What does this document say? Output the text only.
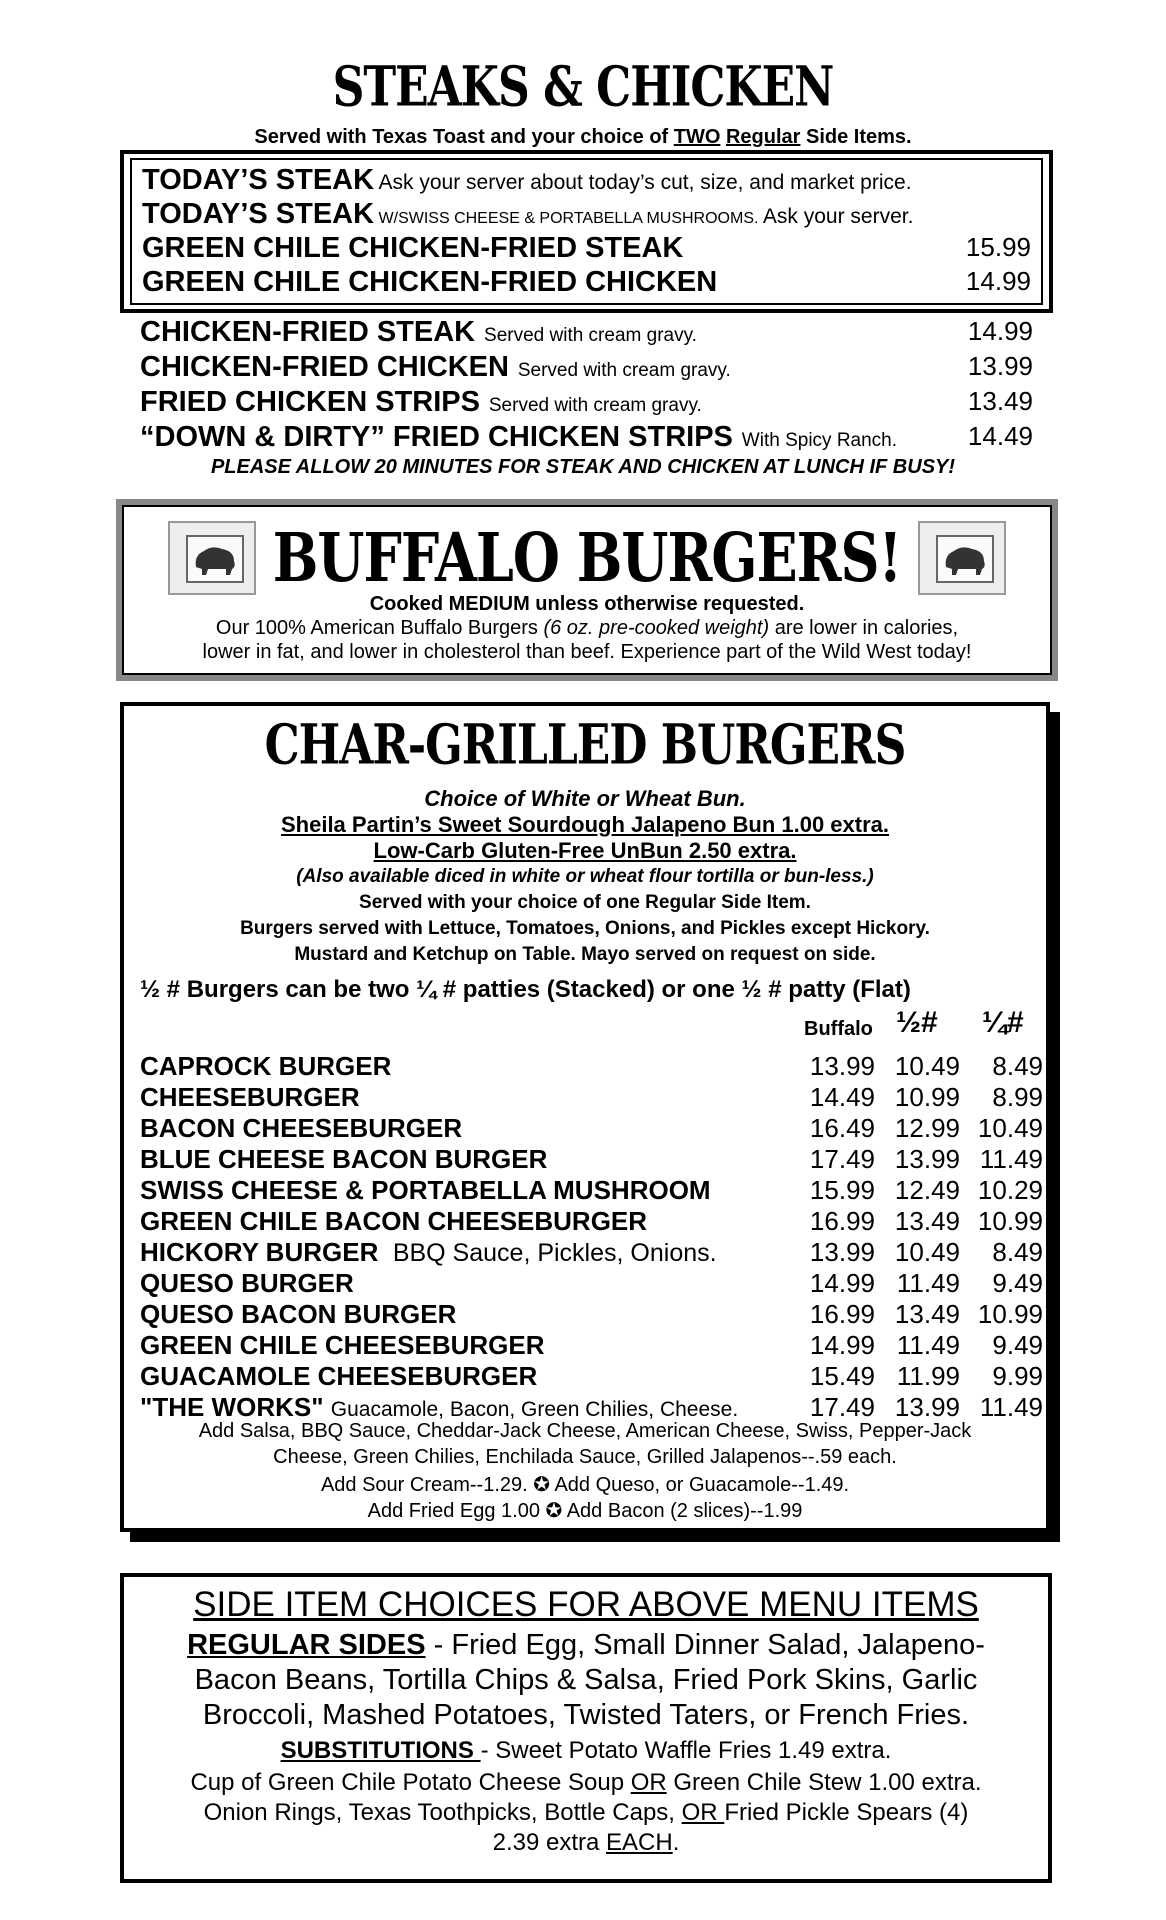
STEAKS & CHICKEN
Served with Texas Toast and your choice of TWO Regular Side Items.
TODAY’S STEAK Ask your server about today’s cut, size, and market price.
TODAY’S STEAK W/SWISS CHEESE & PORTABELLA MUSHROOMS. Ask your server.
GREEN CHILE CHICKEN-FRIED STEAK	15.99
GREEN CHILE CHICKEN-FRIED CHICKEN	14.99
CHICKEN-FRIED STEAK Served with cream gravy.	14.99
CHICKEN-FRIED CHICKEN Served with cream gravy.	13.99
FRIED CHICKEN STRIPS Served with cream gravy.	13.49
“DOWN & DIRTY” FRIED CHICKEN STRIPS With Spicy Ranch.	14.49
PLEASE ALLOW 20 MINUTES FOR STEAK AND CHICKEN AT LUNCH IF BUSY!
BUFFALO BURGERS!
Cooked MEDIUM unless otherwise requested.
Our 100% American Buffalo Burgers (6 oz. pre-cooked weight) are lower in calories,
lower in fat, and lower in cholesterol than beef. Experience part of the Wild West today!
CHAR-GRILLED BURGERS
Choice of White or Wheat Bun.
Sheila Partin’s Sweet Sourdough Jalapeno Bun 1.00 extra.
Low-Carb Gluten-Free UnBun 2.50 extra.
(Also available diced in white or wheat flour tortilla or bun-less.)
Served with your choice of one Regular Side Item.
Burgers served with Lettuce, Tomatoes, Onions, and Pickles except Hickory.
Mustard and Ketchup on Table. Mayo served on request on side.
½ # Burgers can be two ¼ # patties (Stacked) or one ½ # patty (Flat)
Buffalo ½# ¼#
CAPROCK BURGER	13.99 10.49	8.49
CHEESEBURGER	14.49 10.99	8.99
BACON CHEESEBURGER	16.49 12.99 10.49
BLUE CHEESE BACON BURGER	17.49 13.99 11.49
SWISS CHEESE & PORTABELLA MUSHROOM	15.99 12.49 10.29
GREEN CHILE BACON CHEESEBURGER	16.99 13.49 10.99
HICKORY BURGER BBQ Sauce, Pickles, Onions.	13.99 10.49	8.49
QUESO BURGER	14.99 11.49	9.49
QUESO BACON BURGER	16.99 13.49 10.99
GREEN CHILE CHEESEBURGER	14.99 11.49	9.49
GUACAMOLE CHEESEBURGER	15.49 11.99	9.99
"THE WORKS" Guacamole, Bacon, Green Chilies, Cheese.	17.49 13.99 11.49
Add Salsa, BBQ Sauce, Cheddar-Jack Cheese, American Cheese, Swiss, Pepper-Jack
Cheese, Green Chilies, Enchilada Sauce, Grilled Jalapenos--.59 each.
Add Sour Cream--1.29. ✪ Add Queso, or Guacamole--1.49.
Add Fried Egg 1.00 ✪ Add Bacon (2 slices)--1.99
SIDE ITEM CHOICES FOR ABOVE MENU ITEMS
REGULAR SIDES - Fried Egg, Small Dinner Salad, Jalapeno-
Bacon Beans, Tortilla Chips & Salsa, Fried Pork Skins, Garlic
Broccoli, Mashed Potatoes, Twisted Taters, or French Fries.
SUBSTITUTIONS - Sweet Potato Waffle Fries 1.49 extra.
Cup of Green Chile Potato Cheese Soup OR Green Chile Stew 1.00 extra.
Onion Rings, Texas Toothpicks, Bottle Caps, OR Fried Pickle Spears (4)
2.39 extra EACH.
